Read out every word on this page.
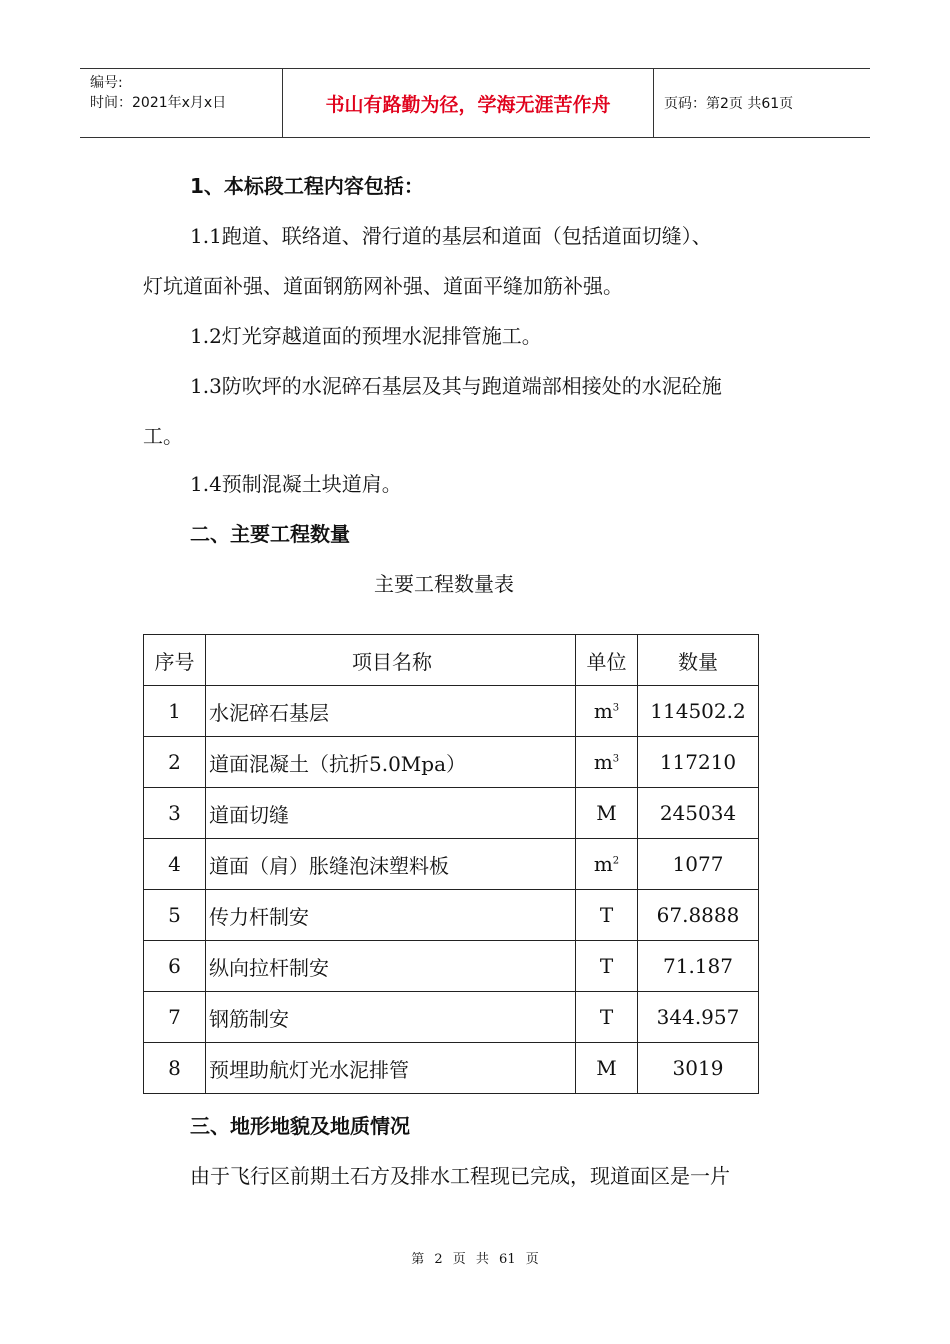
编号:
时间：2021年x月x日	书山有路勤为径，学海无涯苦作舟	页码：第2页 共61页
1、本标段工程内容包括：
1.1跑道、联络道、滑行道的基层和道面（包括道面切缝）、
灯坑道面补强、道面钢筋网补强、道面平缝加筋补强。
1.2灯光穿越道面的预埋水泥排管施工。
1.3防吹坪的水泥碎石基层及其与跑道端部相接处的水泥砼施
工。
1.4预制混凝土块道肩。
二、主要工程数量
主要工程数量表
序号	项目名称	单位	数量
1	水泥碎石基层	$m^3$	114502.2
2	道面混凝土（抗折5.0Mpa）	$m^3$	117210
3	道面切缝	M	245034
4	道面（肩）胀缝泡沫塑料板	$m^2$	1077
5	传力杆制安	T	67.8888
6	纵向拉杆制安	T	71.187
7	钢筋制安	T	344.957
8	预埋助航灯光水泥排管	M	3019
三、地形地貌及地质情况
由于飞行区前期土石方及排水工程现已完成，现道面区是一片
第 2 页 共 61 页
